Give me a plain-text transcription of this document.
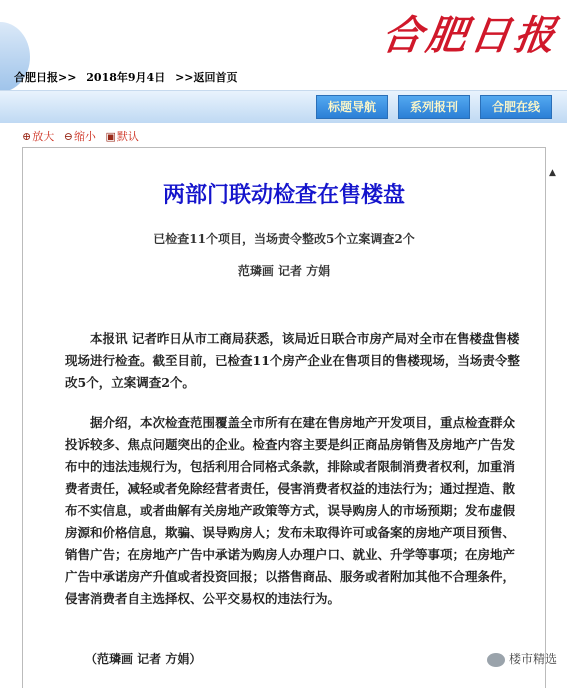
合肥日报
合肥日报>> 2018年9月4日 >>返回首页
标题导航	系列报刊	合肥在线
⊕放大 ⊖缩小 ▣默认
▲
两部门联动检查在售楼盘
已检查11个项目，当场责令整改5个立案调查2个
范璘画 记者 方娟

本报讯 记者昨日从市工商局获悉，该局近日联合市房产局对全市在售楼盘售楼现场进行检查。截至目前，已检查11个房产企业在售项目的售楼现场，当场责令整改5个，立案调查2个。

据介绍，本次检查范围覆盖全市所有在建在售房地产开发项目，重点检查群众投诉较多、焦点问题突出的企业。检查内容主要是纠正商品房销售及房地产广告发布中的违法违规行为，包括利用合同格式条款，排除或者限制消费者权利，加重消费者责任，减轻或者免除经营者责任，侵害消费者权益的违法行为；通过捏造、散布不实信息，或者曲解有关房地产政策等方式，误导购房人的市场预期；发布虚假房源和价格信息，欺骗、误导购房人；发布未取得许可或备案的房地产项目预售、销售广告；在房地产广告中承诺为购房人办理户口、就业、升学等事项；在房地产广告中承诺房产升值或者投资回报；以搭售商品、服务或者附加其他不合理条件，侵害消费者自主选择权、公平交易权的违法行为。

（范璘画 记者 方娟）	楼市精选
